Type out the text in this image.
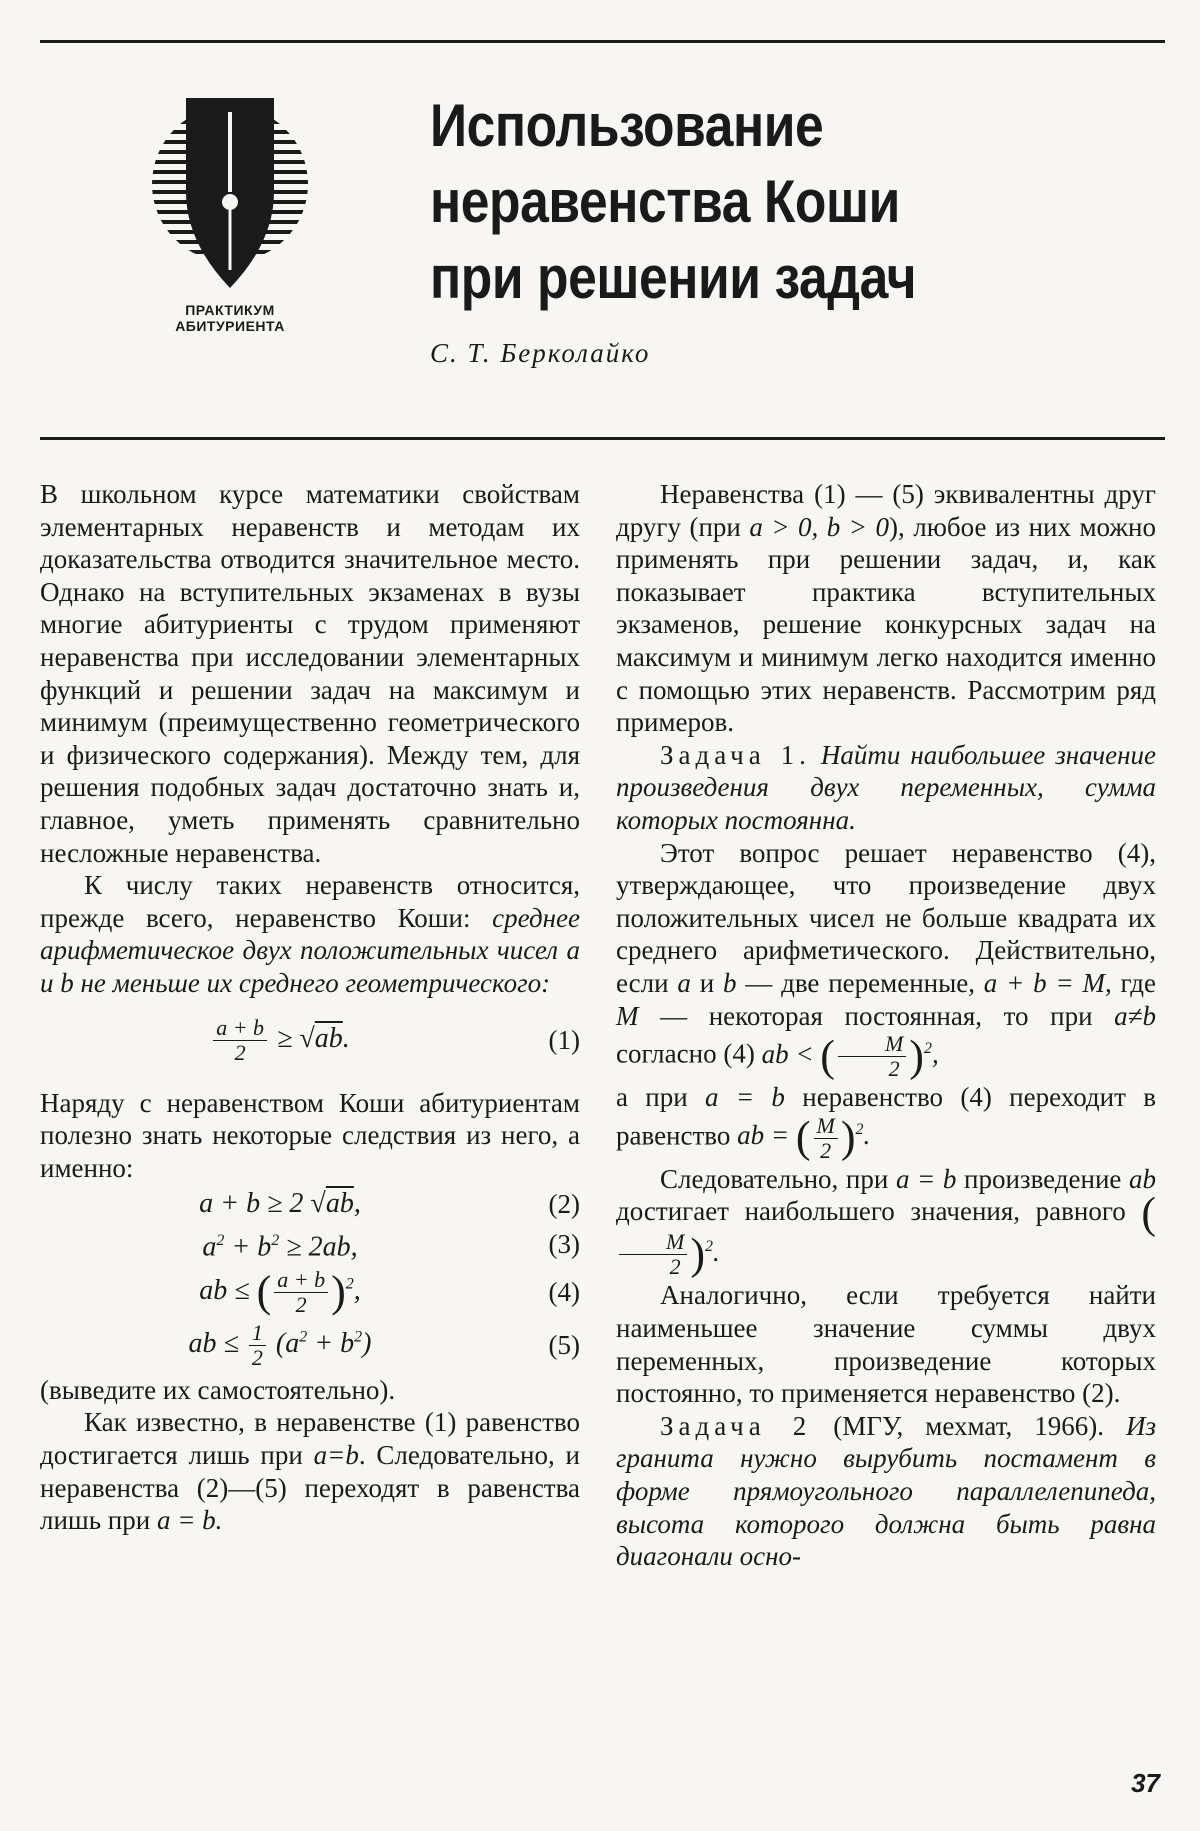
ПРАКТИКУМ
АБИТУРИЕНТА
Использование
неравенства Коши
при решении задач
С. Т. Берколайко

В школьном курсе математики свойствам элементарных неравенств и методам их доказательства отводится значительное место. Однако на вступительных экзаменах в вузы многие абитуриенты с трудом применяют неравенства при исследовании элементарных функций и решении задач на максимум и минимум (преимущественно геометрического и физического содержания). Между тем, для решения подобных задач достаточно знать и, главное, уметь применять сравнительно несложные неравенства.

К числу таких неравенств относится, прежде всего, неравенство Коши: среднее арифметическое двух положительных чисел a и b не меньше их среднего геометрического:

$\frac{a + b}{2} \ge √ab$.	(1)

Наряду с неравенством Коши абитуриентам полезно знать некоторые следствия из него, а именно:

a + b ≥ 2 √ab,	(2)
$a^2 + b^2 \ge 2ab$,	(3)
ab ≤ ( $\frac{a + b}{2} )^2$,	(4)
ab ≤ $\frac{1}{2} (a^2 + b^2)$	(5)

(выведите их самостоятельно).

Как известно, в неравенстве (1) равенство достигается лишь при a=b. Следовательно, и неравенства (2)—(5) переходят в равенства лишь при a = b.

Неравенства (1) — (5) эквивалентны друг другу (при a > 0, b > 0), любое из них можно применять при решении задач, и, как показывает практика вступительных экзаменов, решение конкурсных задач на максимум и минимум легко находится именно с помощью этих неравенств. Рассмотрим ряд примеров.

Задача 1. Найти наибольшее значение произведения двух переменных, сумма которых постоянна.

Этот вопрос решает неравенство (4), утверждающее, что произведение двух положительных чисел не больше квадрата их среднего арифметического. Действительно, если a и b — две переменные, a + b = M, где M — некоторая постоянная, то при a≠b согласно (4) ab < ( $\frac{M}{2} )^2$,

а при a = b неравенство (4) переходит в равенство ab = ( $\frac{M}{2} )^2$.

Следовательно, при a = b произведение ab достигает наибольшего значения, равного (
$\frac{M}{2} )^2$.

Аналогично, если требуется найти наименьшее значение суммы двух переменных, произведение которых постоянно, то применяется неравенство (2).

Задача 2 (МГУ, мехмат, 1966). Из гранита нужно вырубить постамент в форме прямоугольного параллелепипеда, высота которого должна быть равна диагонали осно-

37
